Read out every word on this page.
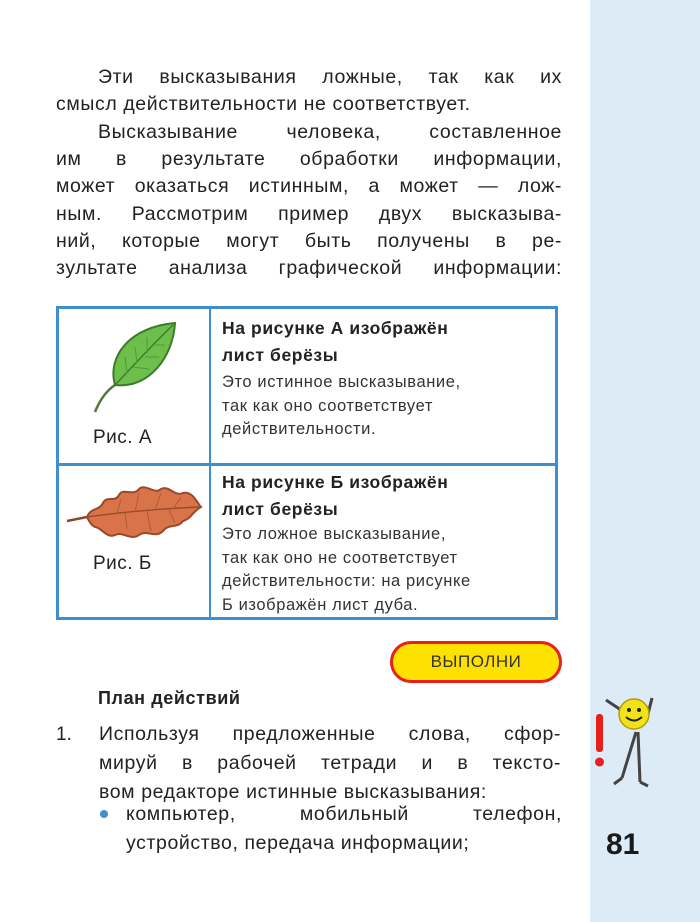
Эти высказывания ложные, так как их
смысл действительности не соответствует.
Высказывание человека, составленное
им в результате обработки информации,
может оказаться истинным, а может — лож-
ным. Рассмотрим пример двух высказыва-
ний, которые могут быть получены в ре-
зультате анализа графической информации:
Рис. А
На рисунке А изображён
лист берёзы
Это истинное высказывание,
так как оно соответствует
действительности.
Рис. Б
На рисунке Б изображён
лист берёзы
Это ложное высказывание,
так как оно не соответствует
действительности: на рисунке
Б изображён лист дуба.
ВЫПОЛНИ
План действий
1. Используя предложенные слова, сфор-
мируй в рабочей тетради и в тексто-
вом редакторе истинные высказывания:
компьютер, мобильный телефон,
устройство, передача информации;	81
